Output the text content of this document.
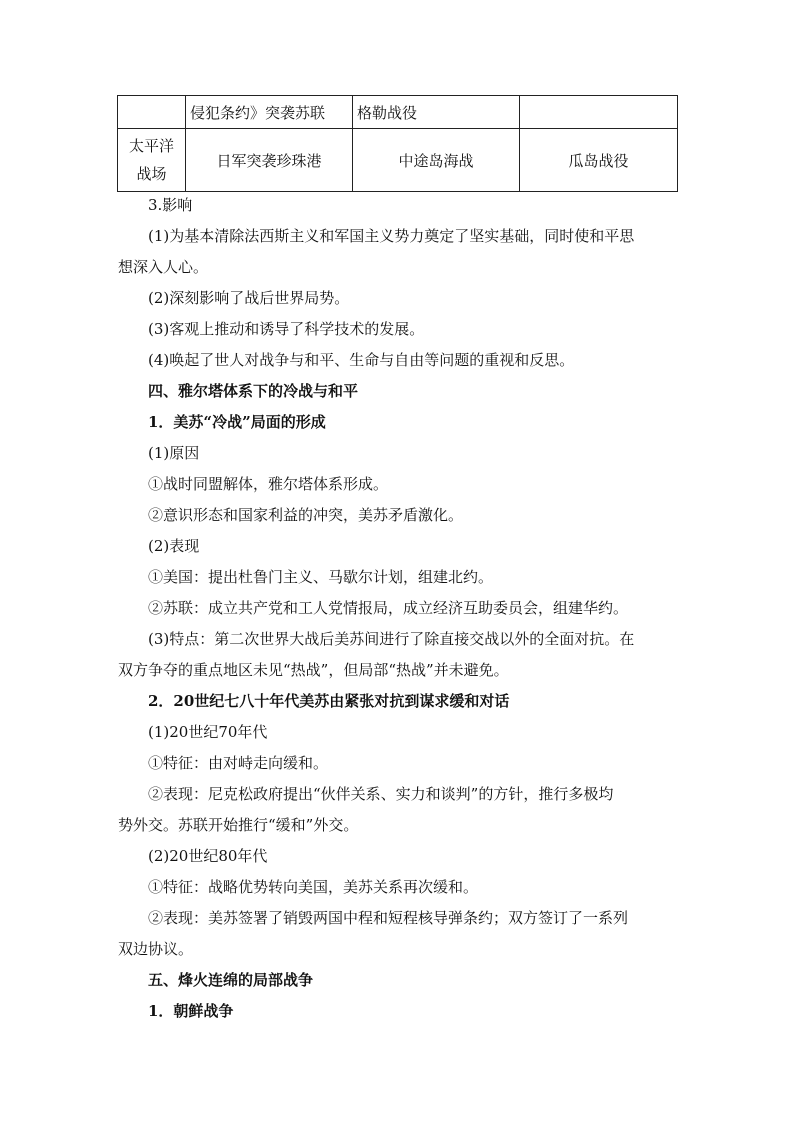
	侵犯条约》突袭苏联	格勒战役	

太平洋
战场	日军突袭珍珠港	中途岛海战	瓜岛战役
3.影响
(1)为基本清除法西斯主义和军国主义势力奠定了坚实基础，同时使和平思
想深入人心。
(2)深刻影响了战后世界局势。
(3)客观上推动和诱导了科学技术的发展。
(4)唤起了世人对战争与和平、生命与自由等问题的重视和反思。
四、雅尔塔体系下的冷战与和平
1．美苏“冷战”局面的形成
(1)原因
①战时同盟解体，雅尔塔体系形成。
②意识形态和国家利益的冲突，美苏矛盾激化。
(2)表现
①美国：提出杜鲁门主义、马歇尔计划，组建北约。
②苏联：成立共产党和工人党情报局，成立经济互助委员会，组建华约。
(3)特点：第二次世界大战后美苏间进行了除直接交战以外的全面对抗。在
双方争夺的重点地区未见“热战”，但局部“热战”并未避免。
2．20世纪七八十年代美苏由紧张对抗到谋求缓和对话
(1)20世纪70年代
①特征：由对峙走向缓和。
②表现：尼克松政府提出“伙伴关系、实力和谈判”的方针，推行多极均
势外交。苏联开始推行“缓和”外交。
(2)20世纪80年代
①特征：战略优势转向美国，美苏关系再次缓和。
②表现：美苏签署了销毁两国中程和短程核导弹条约；双方签订了一系列
双边协议。
五、烽火连绵的局部战争
1．朝鲜战争
